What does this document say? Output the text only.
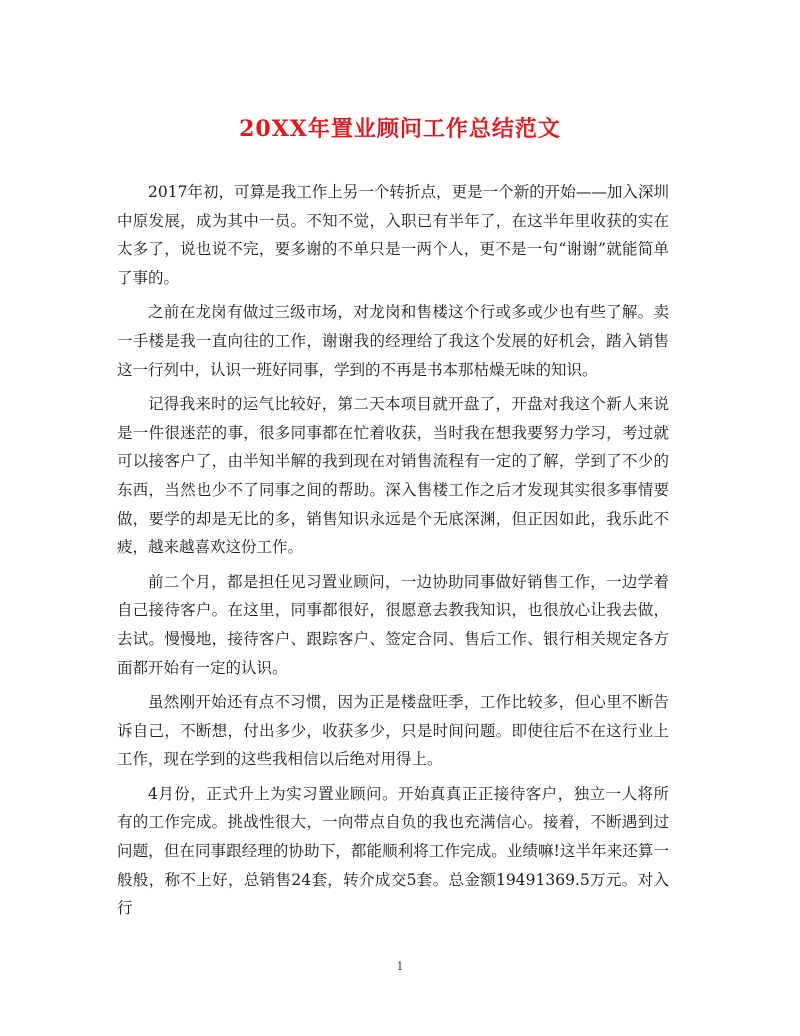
20XX年置业顾问工作总结范文

2017年初，可算是我工作上另一个转折点，更是一个新的开始——加入深圳中原发展，成为其中一员。不知不觉，入职已有半年了，在这半年里收获的实在太多了，说也说不完，要多谢的不单只是一两个人，更不是一句“谢谢”就能简单了事的。

之前在龙岗有做过三级市场，对龙岗和售楼这个行或多或少也有些了解。卖一手楼是我一直向往的工作，谢谢我的经理给了我这个发展的好机会，踏入销售这一行列中，认识一班好同事，学到的不再是书本那枯燥无味的知识。

记得我来时的运气比较好，第二天本项目就开盘了，开盘对我这个新人来说是一件很迷茫的事，很多同事都在忙着收获，当时我在想我要努力学习，考过就可以接客户了，由半知半解的我到现在对销售流程有一定的了解，学到了不少的东西，当然也少不了同事之间的帮助。深入售楼工作之后才发现其实很多事情要做，要学的却是无比的多，销售知识永远是个无底深渊，但正因如此，我乐此不疲，越来越喜欢这份工作。

前二个月，都是担任见习置业顾问，一边协助同事做好销售工作，一边学着自己接待客户。在这里，同事都很好，很愿意去教我知识，也很放心让我去做，去试。慢慢地，接待客户、跟踪客户、签定合同、售后工作、银行相关规定各方面都开始有一定的认识。

虽然刚开始还有点不习惯，因为正是楼盘旺季，工作比较多，但心里不断告诉自己，不断想，付出多少，收获多少，只是时间问题。即使往后不在这行业上工作，现在学到的这些我相信以后绝对用得上。

4月份，正式升上为实习置业顾问。开始真真正正接待客户，独立一人将所有的工作完成。挑战性很大，一向带点自负的我也充满信心。接着，不断遇到过问题，但在同事跟经理的协助下，都能顺利将工作完成。业绩嘛!这半年来还算一般般，称不上好，总销售24套，转介成交5套。总金额19491369.5万元。对入行

1
